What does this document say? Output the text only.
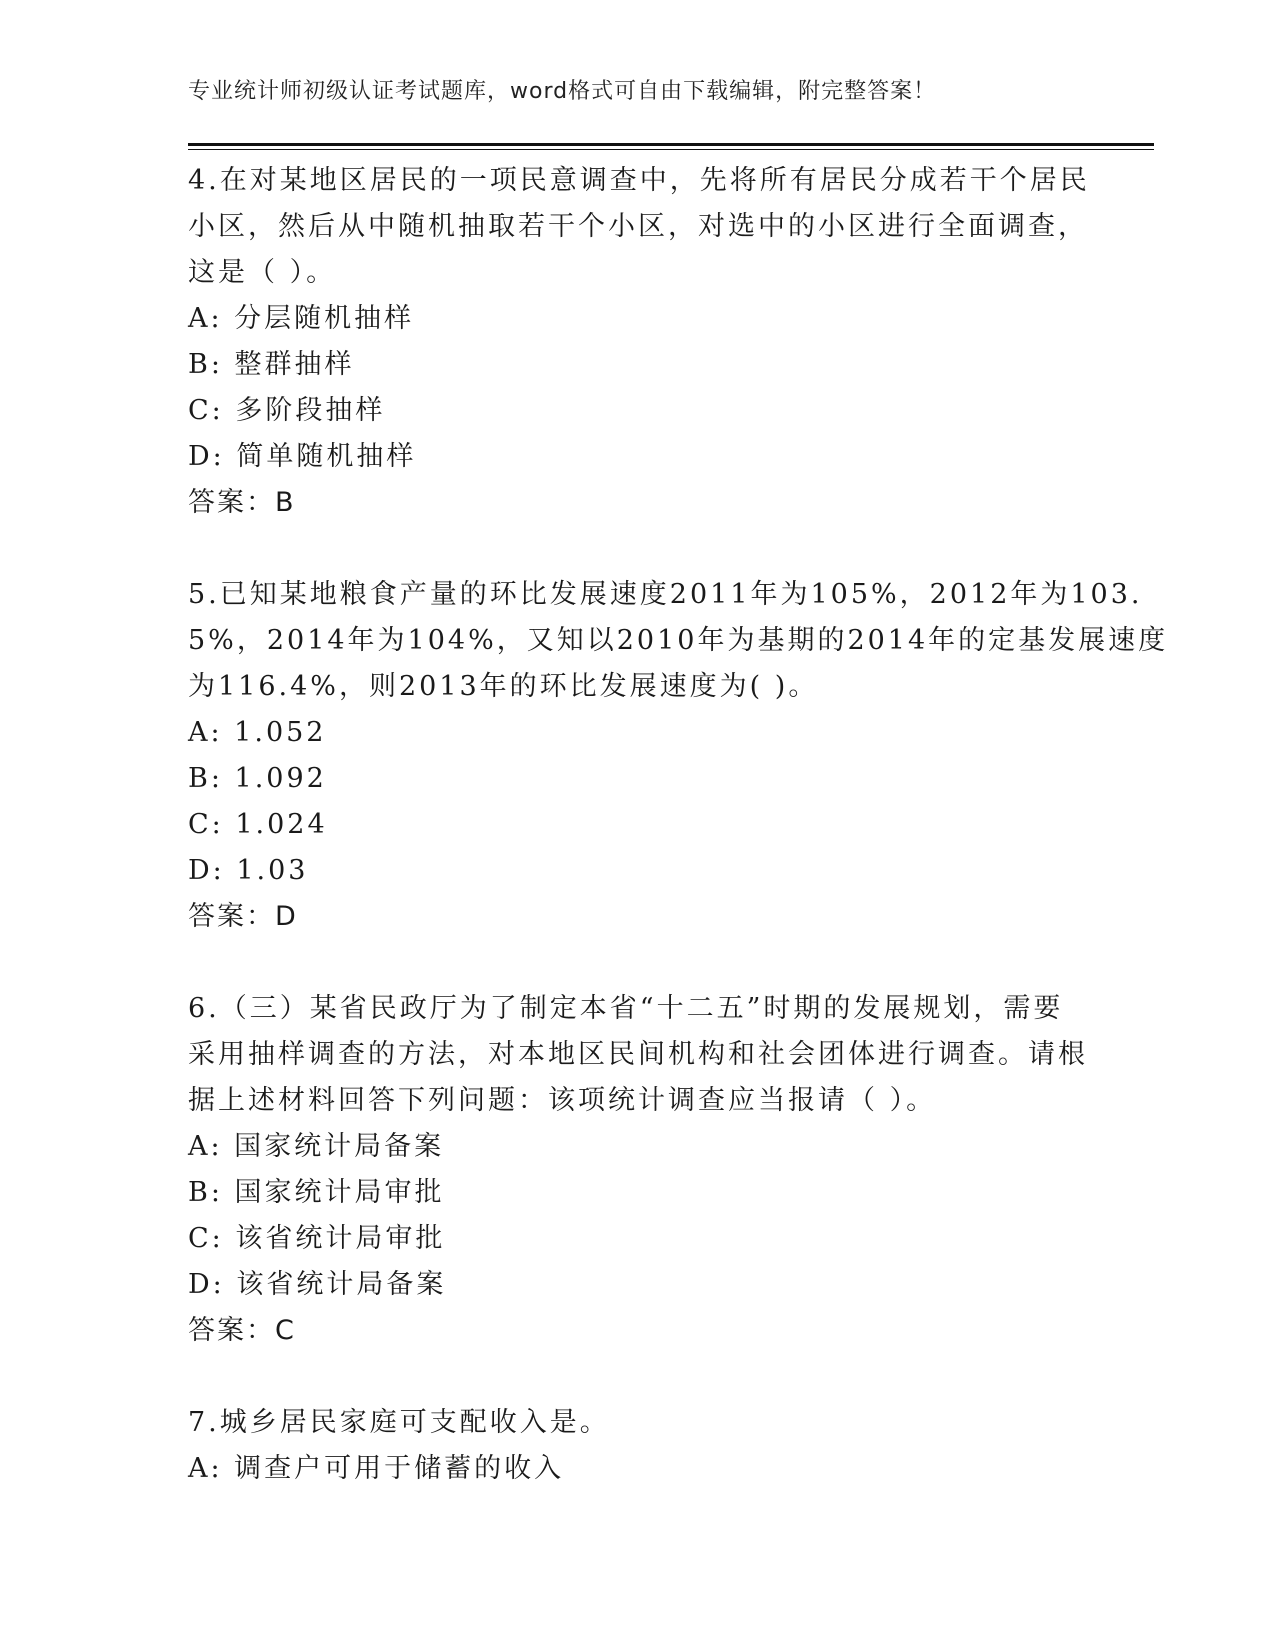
专业统计师初级认证考试题库，word格式可自由下载编辑，附完整答案！
4.在对某地区居民的一项民意调查中，先将所有居民分成若干个居民
小区，然后从中随机抽取若干个小区，对选中的小区进行全面调查，
这是（ ）。
A: 分层随机抽样
B: 整群抽样
C: 多阶段抽样
D: 简单随机抽样
答案：B
5.已知某地粮食产量的环比发展速度2011年为105%，2012年为103.
5%，2014年为104%，又知以2010年为基期的2014年的定基发展速度
为116.4%，则2013年的环比发展速度为( )。
A: 1.052
B: 1.092
C: 1.024
D: 1.03
答案：D
6.（三）某省民政厅为了制定本省“十二五”时期的发展规划，需要
采用抽样调查的方法，对本地区民间机构和社会团体进行调查。请根
据上述材料回答下列问题：该项统计调查应当报请（ ）。
A: 国家统计局备案
B: 国家统计局审批
C: 该省统计局审批
D: 该省统计局备案
答案：C
7.城乡居民家庭可支配收入是。
A: 调查户可用于储蓄的收入
